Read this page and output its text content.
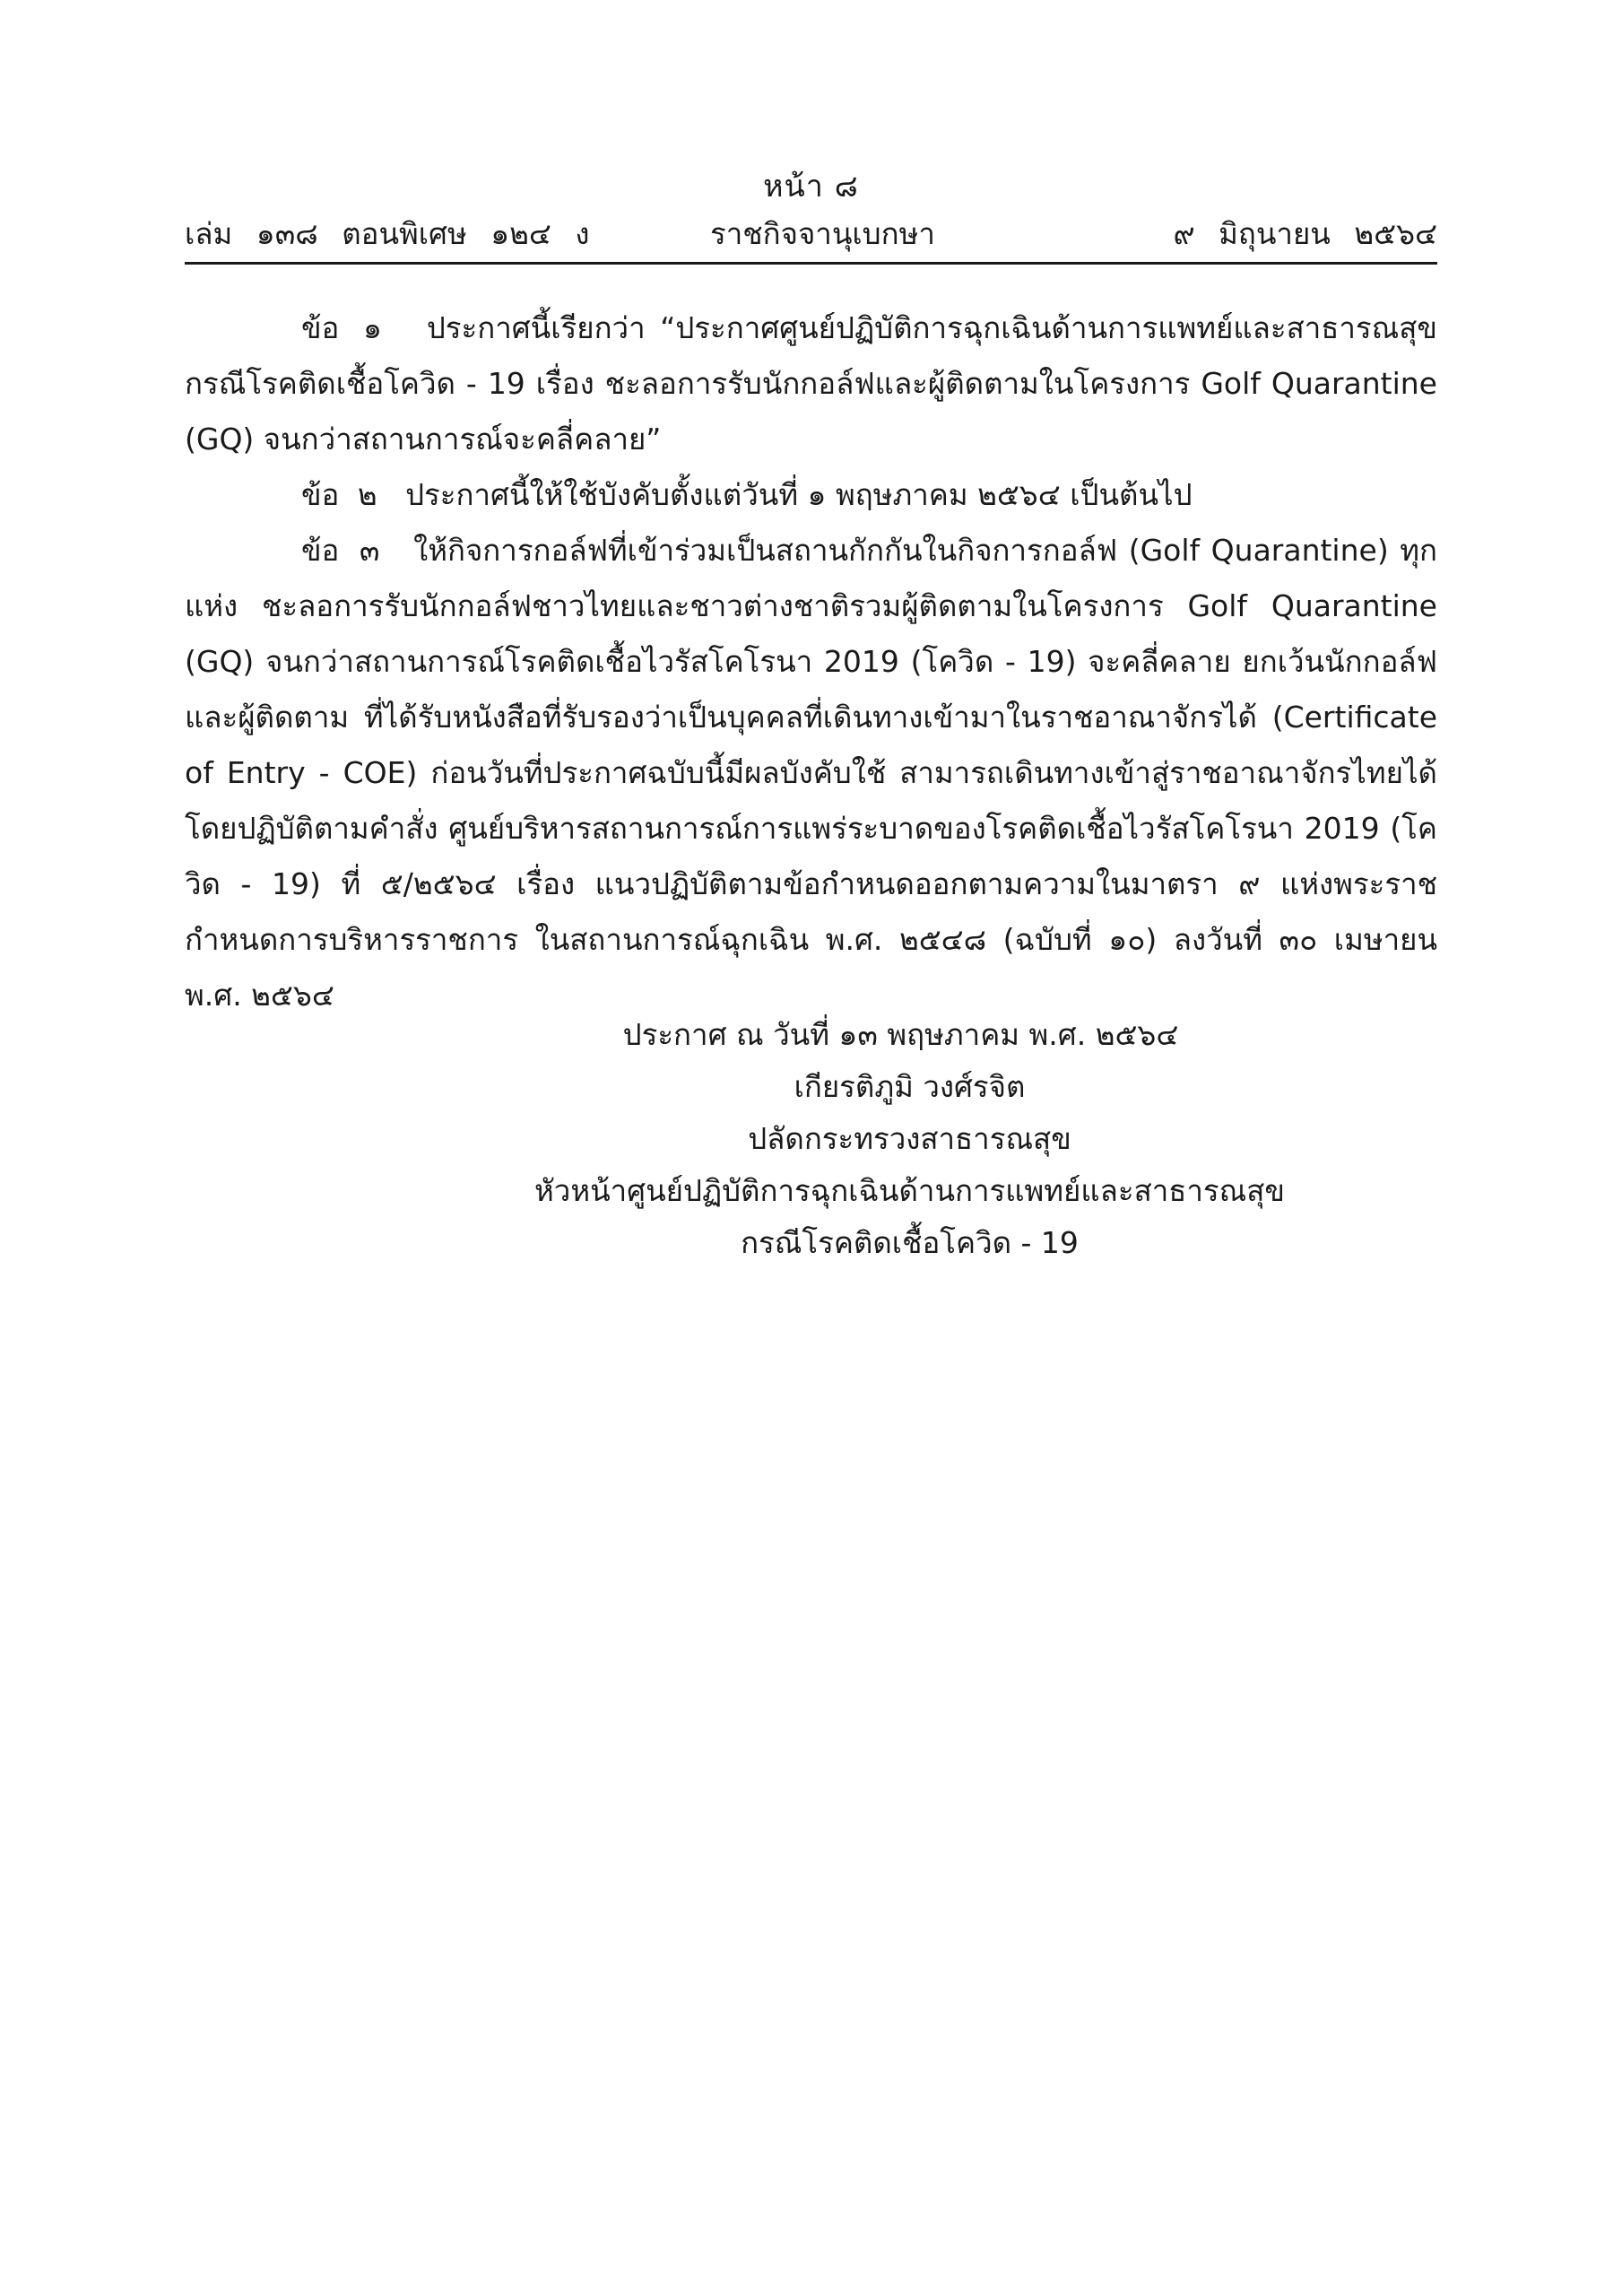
หน้า ๘
เล่ม ๑๓๘ ตอนพิเศษ ๑๒๔ ง	ราชกิจจานุเบกษา	๙ มิถุนายน ๒๕๖๔

ข้อ ๑ ประกาศนี้เรียกว่า “ประกาศศูนย์ปฏิบัติการฉุกเฉินด้านการแพทย์และสาธารณสุข กรณีโรคติดเชื้อโควิด - 19 เรื่อง ชะลอการรับนักกอล์ฟและผู้ติดตามในโครงการ Golf Quarantine (GQ) จนกว่าสถานการณ์จะคลี่คลาย”

ข้อ ๒ ประกาศนี้ให้ใช้บังคับตั้งแต่วันที่ ๑ พฤษภาคม ๒๕๖๔ เป็นต้นไป

ข้อ ๓ ให้กิจการกอล์ฟที่เข้าร่วมเป็นสถานกักกันในกิจการกอล์ฟ (Golf Quarantine) ทุกแห่ง ชะลอการรับนักกอล์ฟชาวไทยและชาวต่างชาติรวมผู้ติดตามในโครงการ Golf Quarantine (GQ) จนกว่าสถานการณ์โรคติดเชื้อไวรัสโคโรนา 2019 (โควิด - 19) จะคลี่คลาย ยกเว้นนักกอล์ฟและผู้ติดตาม ที่ได้รับหนังสือที่รับรองว่าเป็นบุคคลที่เดินทางเข้ามาในราชอาณาจักรได้ (Certificate of Entry - COE) ก่อนวันที่ประกาศฉบับนี้มีผลบังคับใช้ สามารถเดินทางเข้าสู่ราชอาณาจักรไทยได้ โดยปฏิบัติตามคำสั่ง ศูนย์บริหารสถานการณ์การแพร่ระบาดของโรคติดเชื้อไวรัสโคโรนา 2019 (โควิด - 19) ที่ ๕/๒๕๖๔ เรื่อง แนวปฏิบัติตามข้อกำหนดออกตามความในมาตรา ๙ แห่งพระราชกำหนดการบริหารราชการ ในสถานการณ์ฉุกเฉิน พ.ศ. ๒๕๔๘ (ฉบับที่ ๑๐) ลงวันที่ ๓๐ เมษายน พ.ศ. ๒๕๖๔

ประกาศ ณ วันที่ ๑๓ พฤษภาคม พ.ศ. ๒๕๖๔
เกียรติภูมิ วงศ์รจิต
ปลัดกระทรวงสาธารณสุข
หัวหน้าศูนย์ปฏิบัติการฉุกเฉินด้านการแพทย์และสาธารณสุข
กรณีโรคติดเชื้อโควิด - 19
